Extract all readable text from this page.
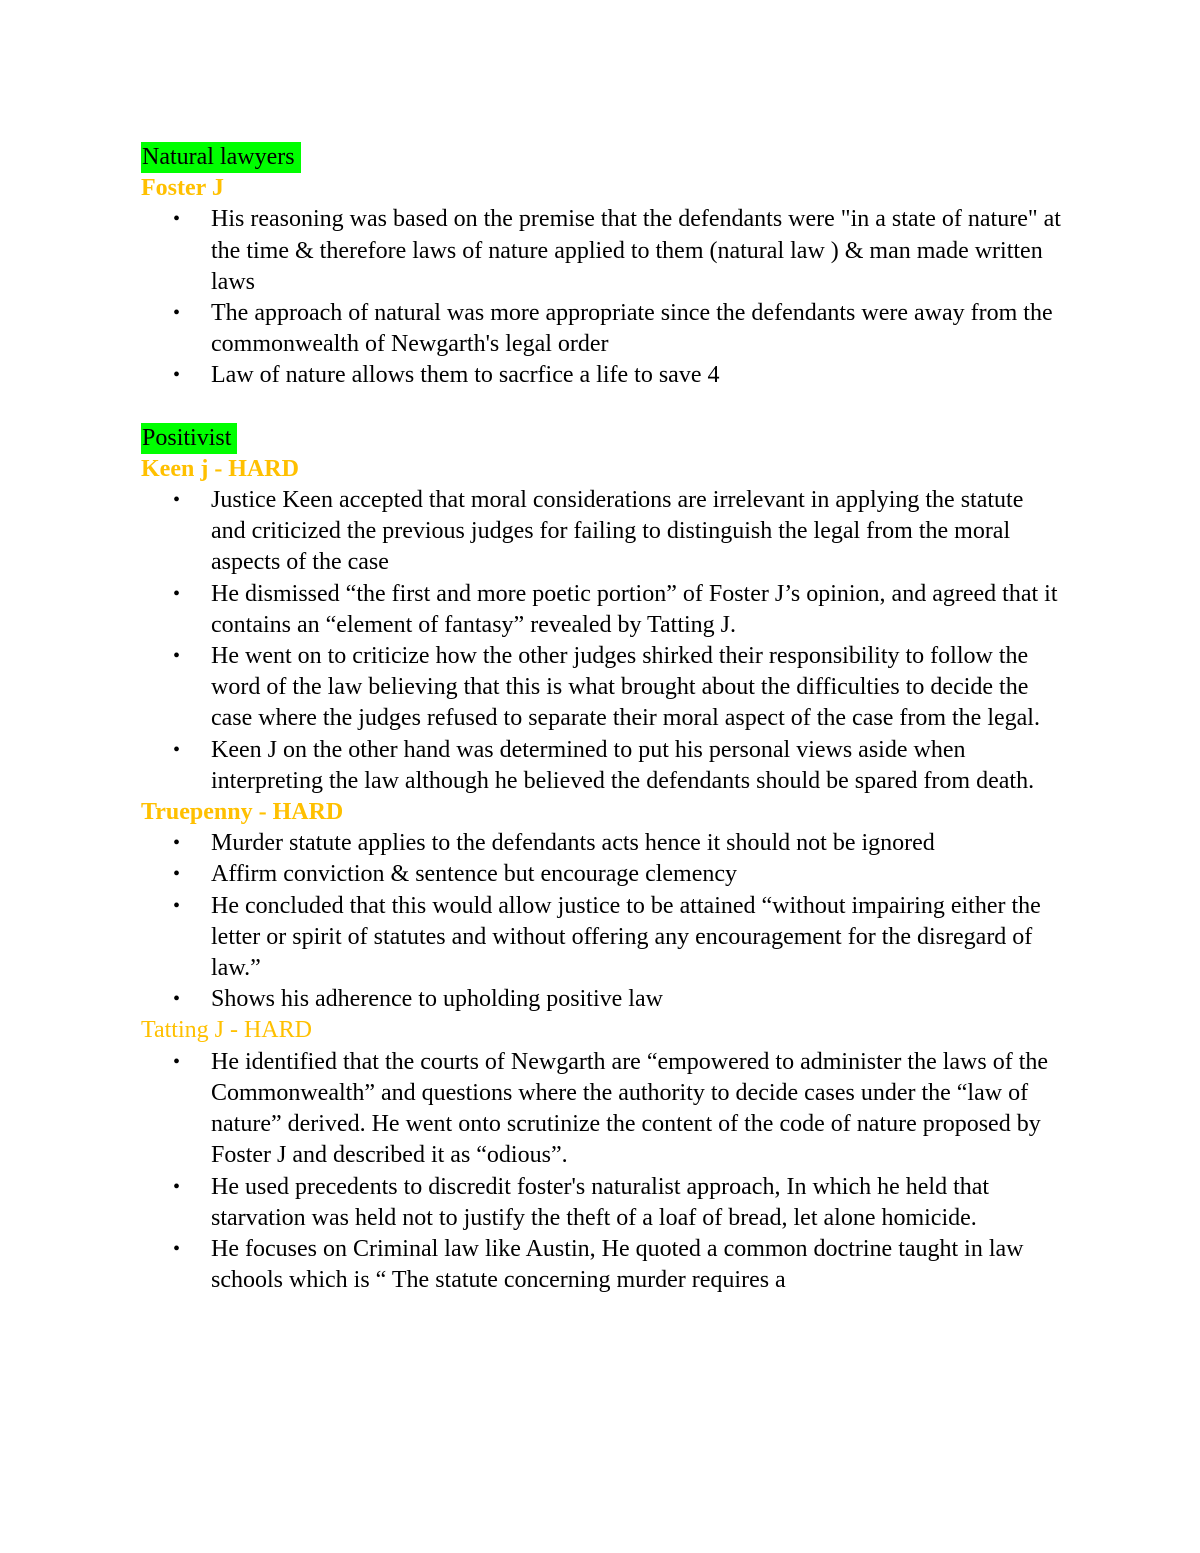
Natural lawyers
Foster J
• His reasoning was based on the premise that the defendants were "in a state of nature" at the time & therefore laws of nature applied to them (natural law ) & man made written laws
• The approach of natural was more appropriate since the defendants were away from the commonwealth of Newgarth's legal order
• Law of nature allows them to sacrfice a life to save 4
Positivist
Keen j - HARD
• Justice Keen accepted that moral considerations are irrelevant in applying the statute and criticized the previous judges for failing to distinguish the legal from the moral aspects of the case
• He dismissed “the first and more poetic portion” of Foster J’s opinion, and agreed that it contains an “element of fantasy” revealed by Tatting J.
• He went on to criticize how the other judges shirked their responsibility to follow the word of the law believing that this is what brought about the difficulties to decide the case where the judges refused to separate their moral aspect of the case from the legal.
• Keen J on the other hand was determined to put his personal views aside when interpreting the law although he believed the defendants should be spared from death.
Truepenny - HARD
• Murder statute applies to the defendants acts hence it should not be ignored
• Affirm conviction & sentence but encourage clemency
• He concluded that this would allow justice to be attained “without impairing either the letter or spirit of statutes and without offering any encouragement for the disregard of law.”
• Shows his adherence to upholding positive law
Tatting J - HARD
• He identified that the courts of Newgarth are “empowered to administer the laws of the Commonwealth” and questions where the authority to decide cases under the “law of nature” derived. He went onto scrutinize the content of the code of nature proposed by Foster J and described it as “odious”.
• He used precedents to discredit foster's naturalist approach, In which he held that starvation was held not to justify the theft of a loaf of bread, let alone homicide.
• He focuses on Criminal law like Austin, He quoted a common doctrine taught in law schools which is “ The statute concerning murder requires a
